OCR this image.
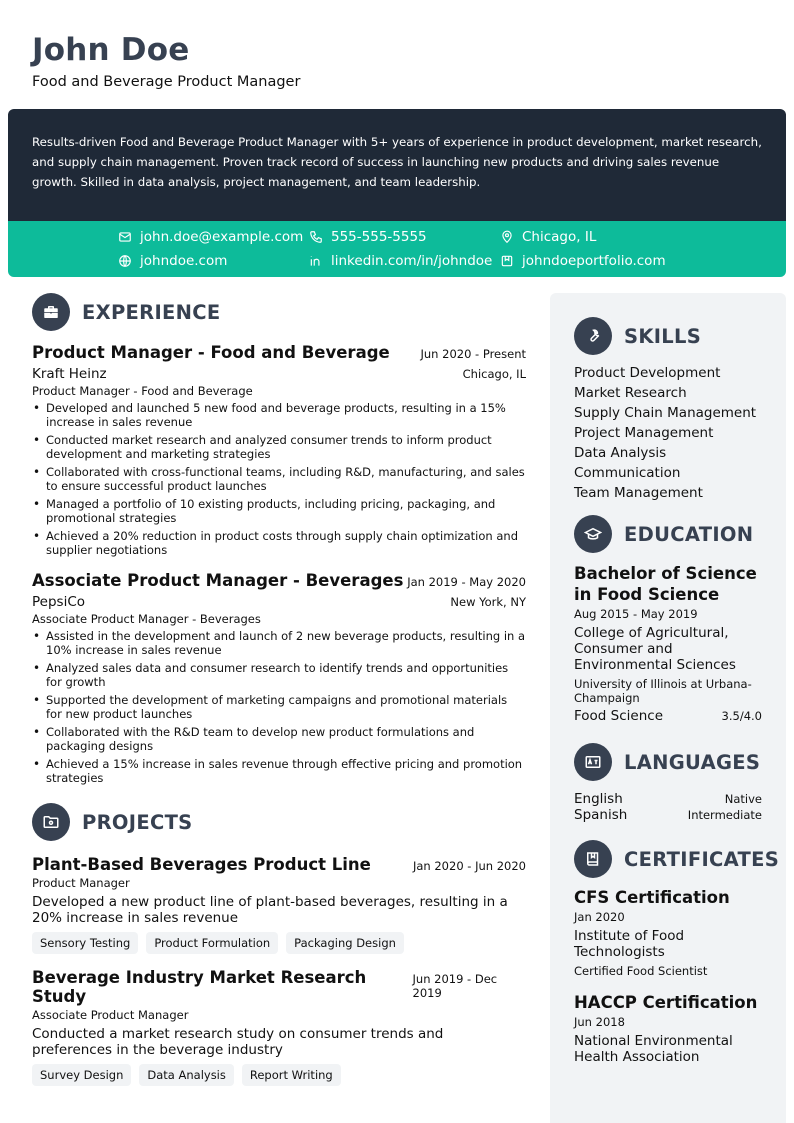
John Doe
Food and Beverage Product Manager
Results-driven Food and Beverage Product Manager with 5+ years of experience in product development, market research, and supply chain management. Proven track record of success in launching new products and driving sales revenue growth. Skilled in data analysis, project management, and team leadership.
john.doe@example.com 555-555-5555	Chicago, IL
johndoe.com	linkedin.com/in/johndoe johndoeportfolio.com
EXPERIENCE
Product Manager - Food and Beverage	Jun 2020 - Present
Kraft Heinz	Chicago, IL
Product Manager - Food and Beverage
• Developed and launched 5 new food and beverage products, resulting in a 15% increase in sales revenue
• Conducted market research and analyzed consumer trends to inform product development and marketing strategies
• Collaborated with cross-functional teams, including R&D, manufacturing, and sales to ensure successful product launches
• Managed a portfolio of 10 existing products, including pricing, packaging, and promotional strategies
• Achieved a 20% reduction in product costs through supply chain optimization and supplier negotiations
Associate Product Manager - Beverages Jan 2019 - May 2020
PepsiCo	New York, NY
Associate Product Manager - Beverages
• Assisted in the development and launch of 2 new beverage products, resulting in a 10% increase in sales revenue
• Analyzed sales data and consumer research to identify trends and opportunities for growth
• Supported the development of marketing campaigns and promotional materials for new product launches
• Collaborated with the R&D team to develop new product formulations and packaging designs
• Achieved a 15% increase in sales revenue through effective pricing and promotion strategies
PROJECTS
Plant-Based Beverages Product Line	Jan 2020 - Jun 2020
Product Manager
Developed a new product line of plant-based beverages, resulting in a 20% increase in sales revenue
Sensory Testing	Product Formulation	Packaging Design
Beverage Industry Market Research Study
Jun 2019 - Dec 2019
Associate Product Manager
Conducted a market research study on consumer trends and preferences in the beverage industry
Survey Design	Data Analysis	Report Writing
SKILLS
Product Development
Market Research
Supply Chain Management
Project Management
Data Analysis
Communication
Team Management
EDUCATION
Bachelor of Science in Food Science
Aug 2015 - May 2019
College of Agricultural, Consumer and Environmental Sciences
University of Illinois at Urbana-Champaign
Food Science	3.5/4.0
LANGUAGES
English	Native
Spanish	Intermediate
CERTIFICATES
CFS Certification
Jan 2020
Institute of Food Technologists
Certified Food Scientist
HACCP Certification
Jun 2018
National Environmental Health Association
